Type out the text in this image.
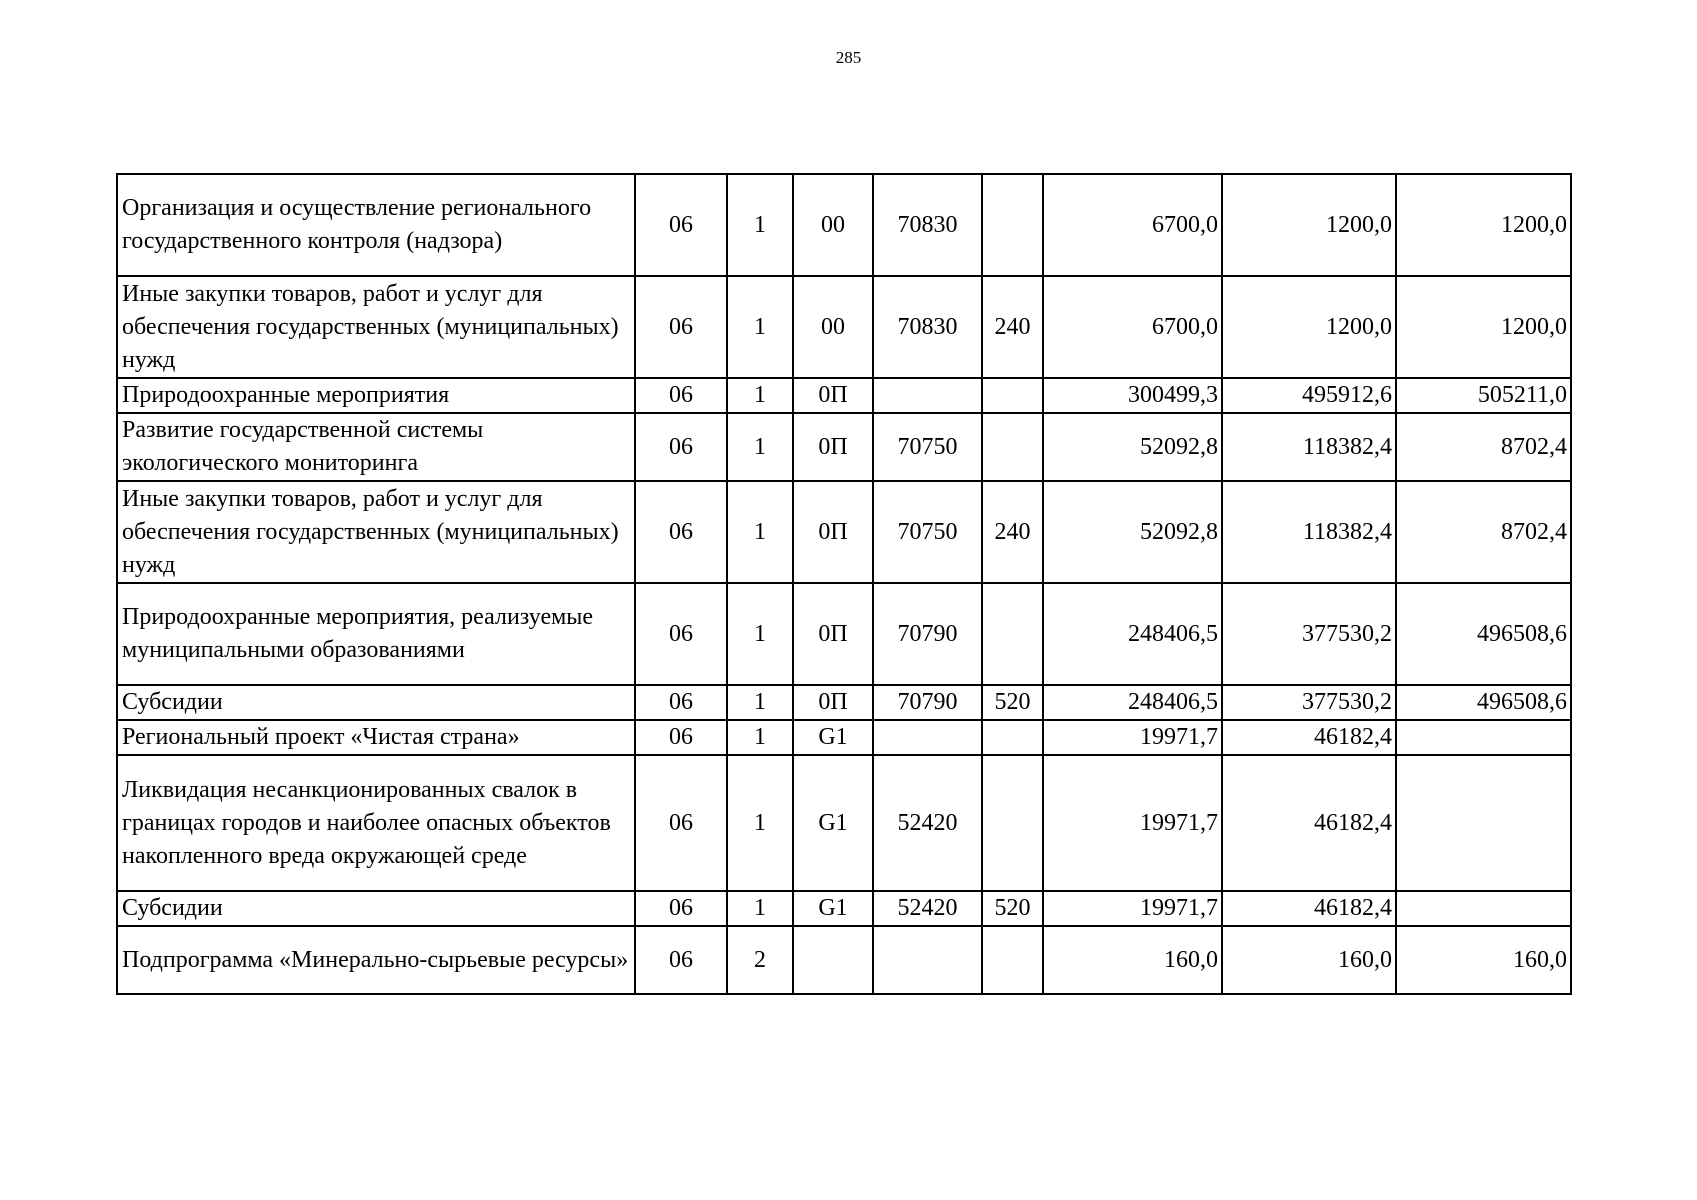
285
Организация и осуществление регионального государственного контроля (надзора)	06	1	00	70830		6700,0	1200,0	1200,0
Иные закупки товаров, работ и услуг для обеспечения государственных (муниципальных) нужд	06	1	00	70830	240	6700,0	1200,0	1200,0
Природоохранные мероприятия	06	1	0П			300499,3	495912,6	505211,0
Развитие государственной системы экологического мониторинга	06	1	0П	70750		52092,8	118382,4	8702,4
Иные закупки товаров, работ и услуг для обеспечения государственных (муниципальных) нужд	06	1	0П	70750	240	52092,8	118382,4	8702,4
Природоохранные мероприятия, реализуемые муниципальными образованиями	06	1	0П	70790		248406,5	377530,2	496508,6
Субсидии	06	1	0П	70790	520	248406,5	377530,2	496508,6
Региональный проект «Чистая страна»	06	1	G1			19971,7	46182,4	
Ликвидация несанкционированных свалок в границах городов и наиболее опасных объектов накопленного вреда окружающей среде	06	1	G1	52420		19971,7	46182,4	
Субсидии	06	1	G1	52420	520	19971,7	46182,4	
Подпрограмма «Минерально-сырьевые ресурсы»	06	2				160,0	160,0	160,0
